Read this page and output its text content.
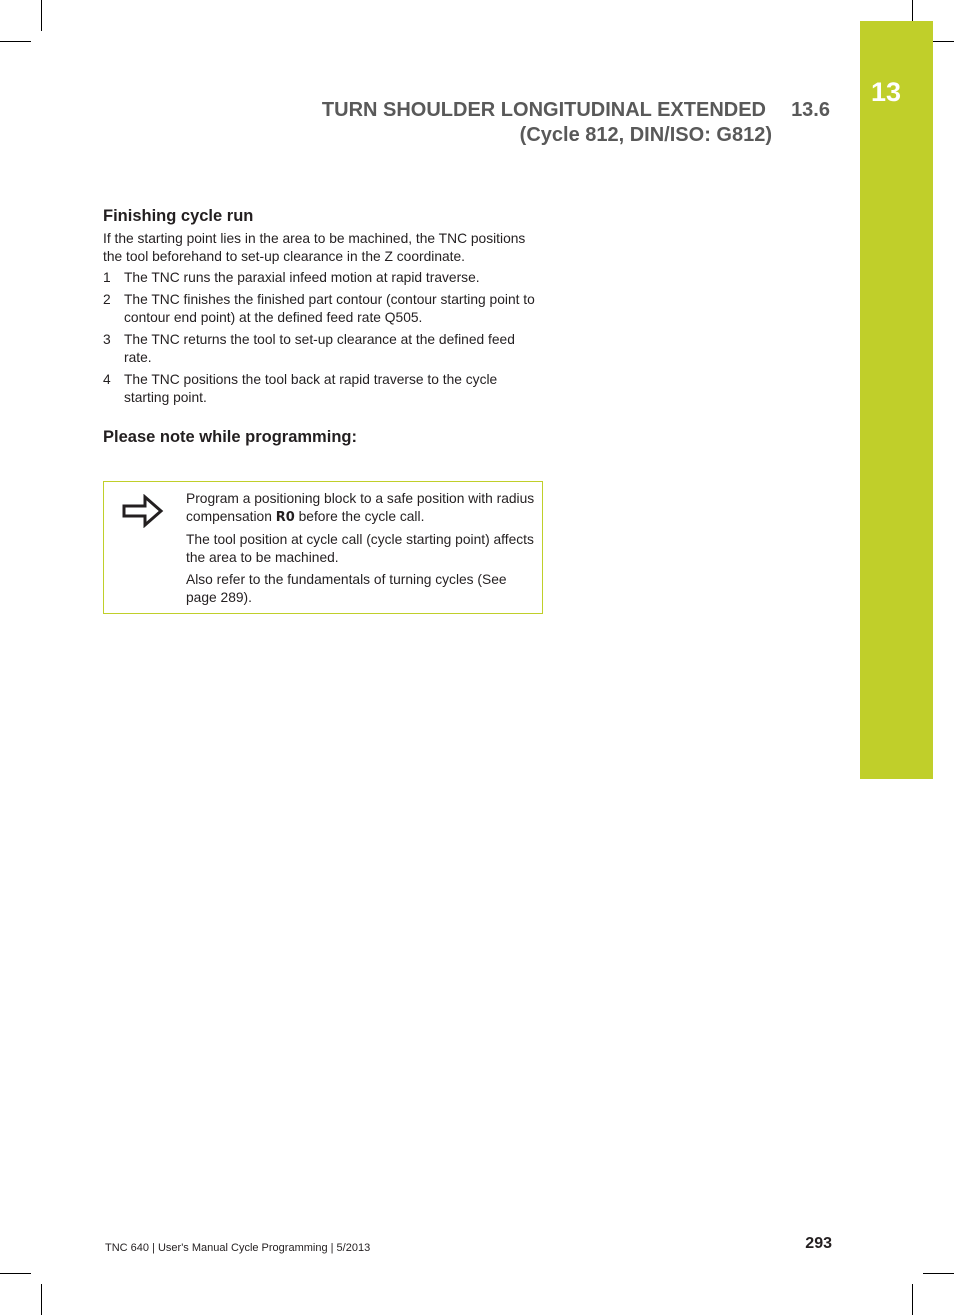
13
TURN SHOULDER LONGITUDINAL EXTENDED	13.6
(Cycle 812, DIN/ISO: G812)
Finishing cycle run

If the starting point lies in the area to be machined, the TNC positions the tool beforehand to set-up clearance in the Z coordinate.

1 The TNC runs the paraxial infeed motion at rapid traverse.
2 The TNC finishes the finished part contour (contour starting point to contour end point) at the defined feed rate Q505.
3 The TNC returns the tool to set-up clearance at the defined feed rate.
4 The TNC positions the tool back at rapid traverse to the cycle starting point.
Please note while programming:

Program a positioning block to a safe position with radius compensation R0 before the cycle call.

The tool position at cycle call (cycle starting point) affects the area to be machined.

Also refer to the fundamentals of turning cycles (See page 289).

TNC 640 | User's Manual Cycle Programming | 5/2013	293
